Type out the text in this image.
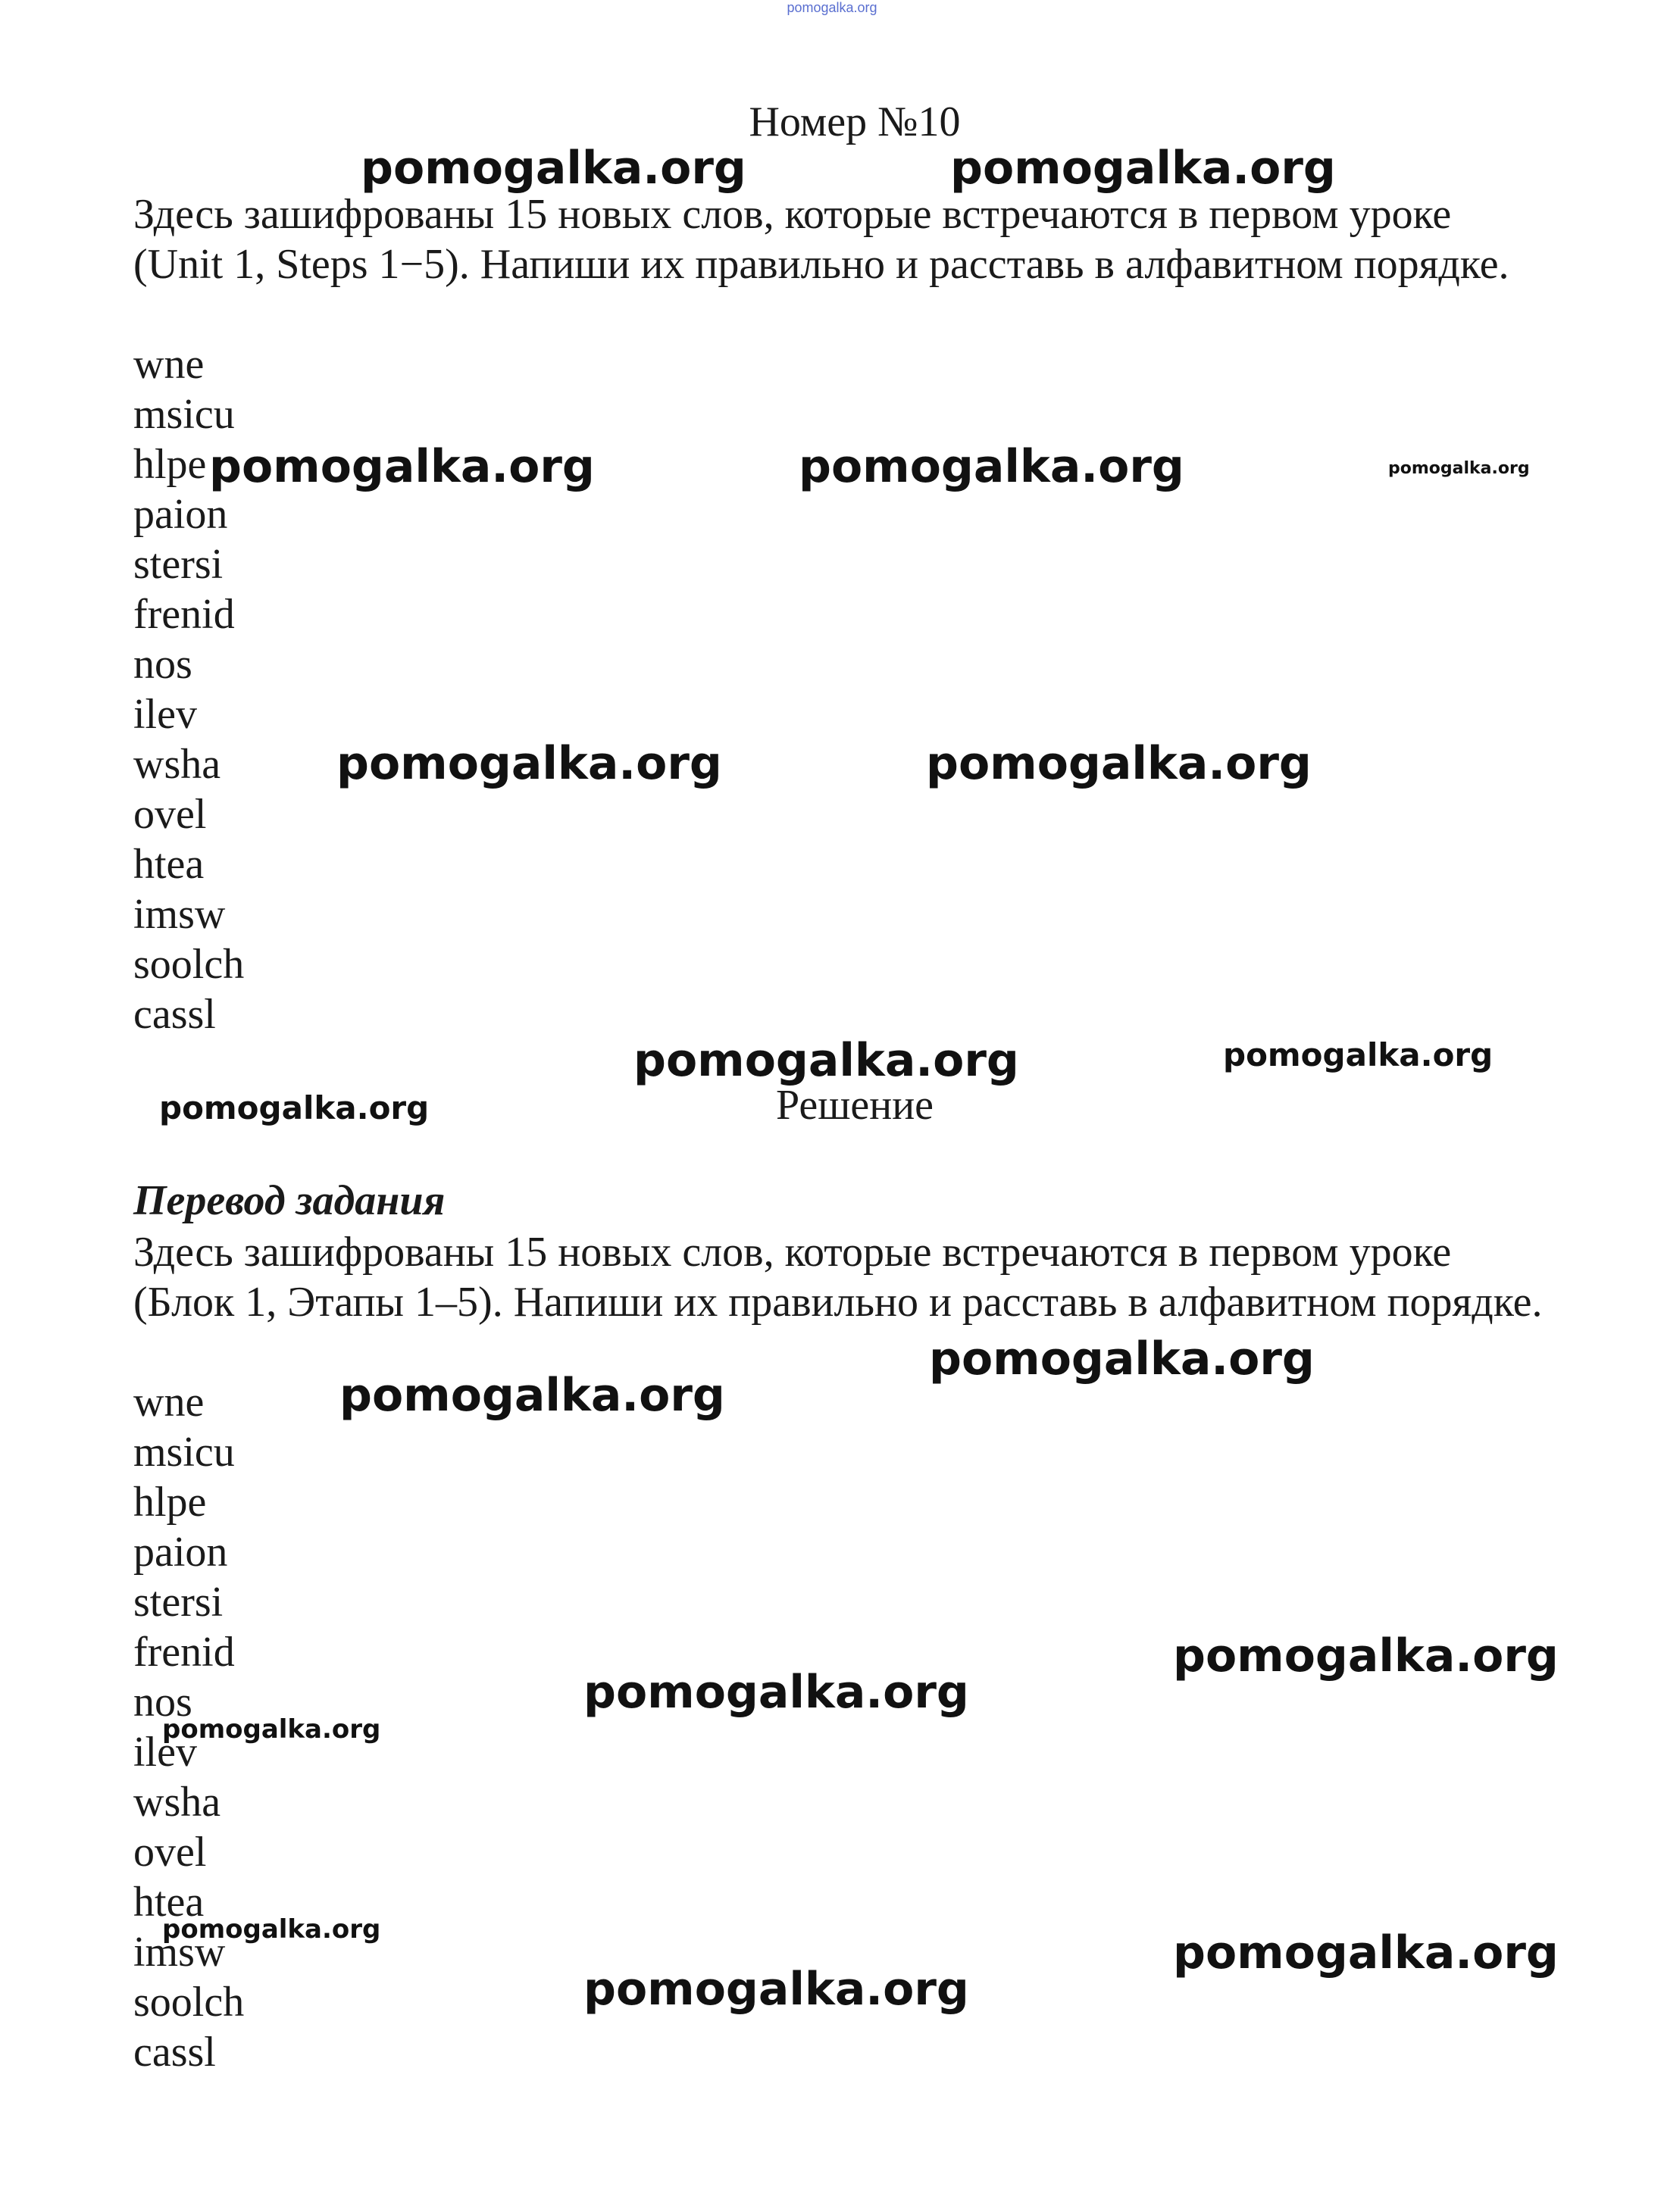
pomogalka.org
Номер №10
Здесь зашифрованы 15 новых слов, которые встречаются в первом уроке (Unit 1, Steps 1−5). Напиши их правильно и расставь в алфавитном порядке.
wne
msicu
hlpe
paion
stersi
frenid
nos
ilev
wsha
ovel
htea
imsw
soolch
cassl
Решение
Перевод задания
Здесь зашифрованы 15 новых слов, которые встречаются в первом уроке (Блок 1, Этапы 1–5). Напиши их правильно и расставь в алфавитном порядке.
wne
msicu
hlpe
paion
stersi
frenid
nos
ilev
wsha
ovel
htea
imsw
soolch
cassl
pomogalka.org	pomogalka.org
pomogalka.org	pomogalka.org	pomogalka.org
pomogalka.org	pomogalka.org
pomogalka.org	pomogalka.org
pomogalka.org
pomogalka.org
pomogalka.org
pomogalka.org
pomogalka.org
pomogalka.org
pomogalka.org	pomogalka.org
pomogalka.org
